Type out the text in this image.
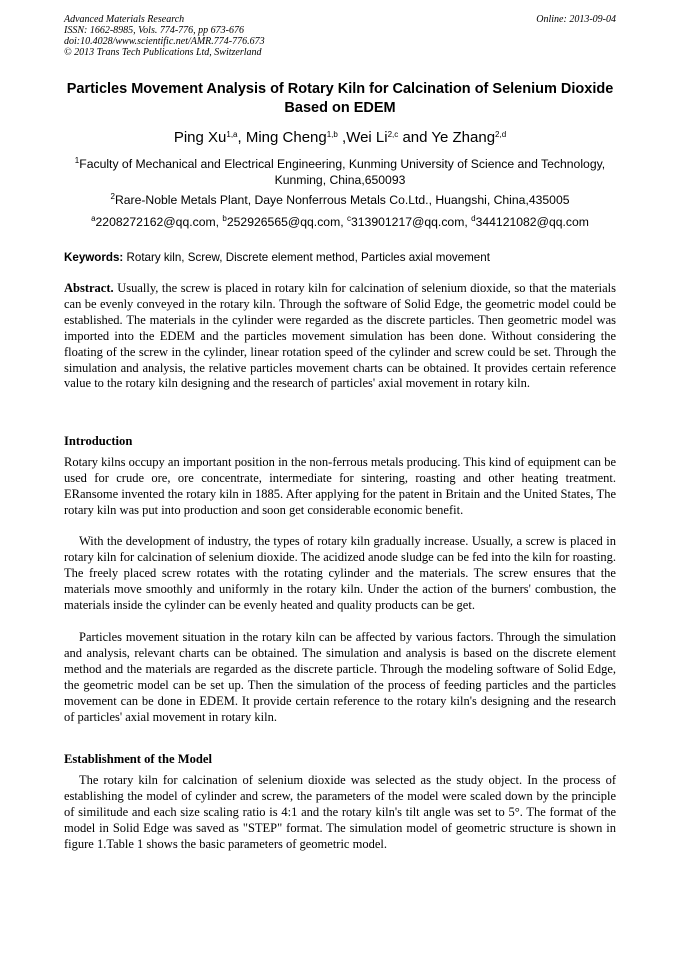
Advanced Materials Research
ISSN: 1662-8985, Vols. 774-776, pp 673-676
doi:10.4028/www.scientific.net/AMR.774-776.673
© 2013 Trans Tech Publications Ltd, Switzerland
Online: 2013-09-04
Particles Movement Analysis of Rotary Kiln for Calcination of Selenium Dioxide Based on EDEM
Ping Xu$^{1,a}$, Ming Cheng$^{1,b}$ ,Wei Li$^{2,c}$ and Ye Zhang$^{2,d}$
$^1$Faculty of Mechanical and Electrical Engineering, Kunming University of Science and Technology, Kunming, China,650093
$^2$Rare-Noble Metals Plant, Daye Nonferrous Metals Co.Ltd., Huangshi, China,435005
$^a$2208272162@qq.com, $^b$252926565@qq.com, $^c$313901217@qq.com, $^d$344121082@qq.com
Keywords: Rotary kiln, Screw, Discrete element method, Particles axial movement
Abstract. Usually, the screw is placed in rotary kiln for calcination of selenium dioxide, so that the materials can be evenly conveyed in the rotary kiln. Through the software of Solid Edge, the geometric model could be established. The materials in the cylinder were regarded as the discrete particles. Then geometric model was imported into the EDEM and the particles movement simulation has been done. Without considering the floating of the screw in the cylinder, linear rotation speed of the cylinder and screw could be set. Through the simulation and analysis, the relative particles movement charts can be obtained. It provides certain reference value to the rotary kiln designing and the research of particles' axial movement in rotary kiln.
Introduction
Rotary kilns occupy an important position in the non-ferrous metals producing. This kind of equipment can be used for crude ore, ore concentrate, intermediate for sintering, roasting and other heating treatment. ERansome invented the rotary kiln in 1885. After applying for the patent in Britain and the United States, The rotary kiln was put into production and soon get considerable economic benefit.
With the development of industry, the types of rotary kiln gradually increase. Usually, a screw is placed in rotary kiln for calcination of selenium dioxide. The acidized anode sludge can be fed into the kiln for roasting. The freely placed screw rotates with the rotating cylinder and the materials. The screw ensures that the materials move smoothly and uniformly in the rotary kiln. Under the action of the burners' combustion, the materials inside the cylinder can be evenly heated and quality products can be get.
Particles movement situation in the rotary kiln can be affected by various factors. Through the simulation and analysis, relevant charts can be obtained. The simulation and analysis is based on the discrete element method and the materials are regarded as the discrete particle. Through the modeling software of Solid Edge, the geometric model can be set up. Then the simulation of the process of feeding particles and the particles movement can be done in EDEM. It provide certain reference to the rotary kiln's designing and the research of particles' axial movement in rotary kiln.
Establishment of the Model
The rotary kiln for calcination of selenium dioxide was selected as the study object. In the process of establishing the model of cylinder and screw, the parameters of the model were scaled down by the principle of similitude and each size scaling ratio is 4:1 and the rotary kiln's tilt angle was set to 5°. The format of the model in Solid Edge was saved as "STEP" format. The simulation model of geometric structure is shown in figure 1.Table 1 shows the basic parameters of geometric model.
